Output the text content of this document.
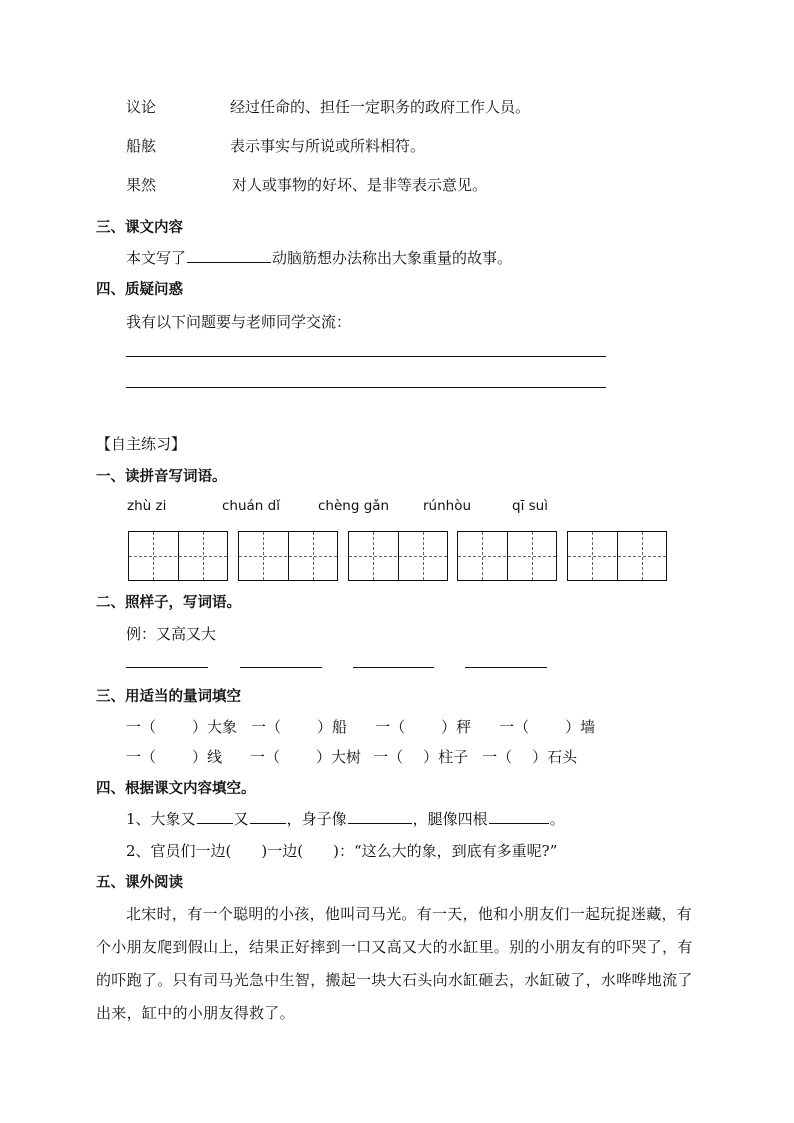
议论	经过任命的、担任一定职务的政府工作人员。
船舷	表示事实与所说或所料相符。
果然	对人或事物的好坏、是非等表示意见。
三、课文内容
本文写了	动脑筋想办法称出大象重量的故事。
四、质疑问惑
我有以下问题要与老师同学交流：
【自主练习】
一、读拼音写词语。
zhù zi	chuán dǐ	chèng gǎn	rúnhòu	qī suì
二、照样子，写词语。
例：又高又大
三、用适当的量词填空
一（ ）大象 一（ ）船 一（ ）秤 一（ ）墙
一（ ）线 一（ ）大树 一（ ）柱子 一（ ）石头
四、根据课文内容填空。
1、大象又	又	，身子像	，腿像四根	。
2、官员们一边( )一边( )：“这么大的象，到底有多重呢?”
五、课外阅读
北宋时，有一个聪明的小孩，他叫司马光。有一天，他和小朋友们一起玩捉迷藏，有个小朋友爬到假山上，结果正好摔到一口又高又大的水缸里。别的小朋友有的吓哭了，有的吓跑了。只有司马光急中生智，搬起一块大石头向水缸砸去，水缸破了，水哗哗地流了出来，缸中的小朋友得救了。
